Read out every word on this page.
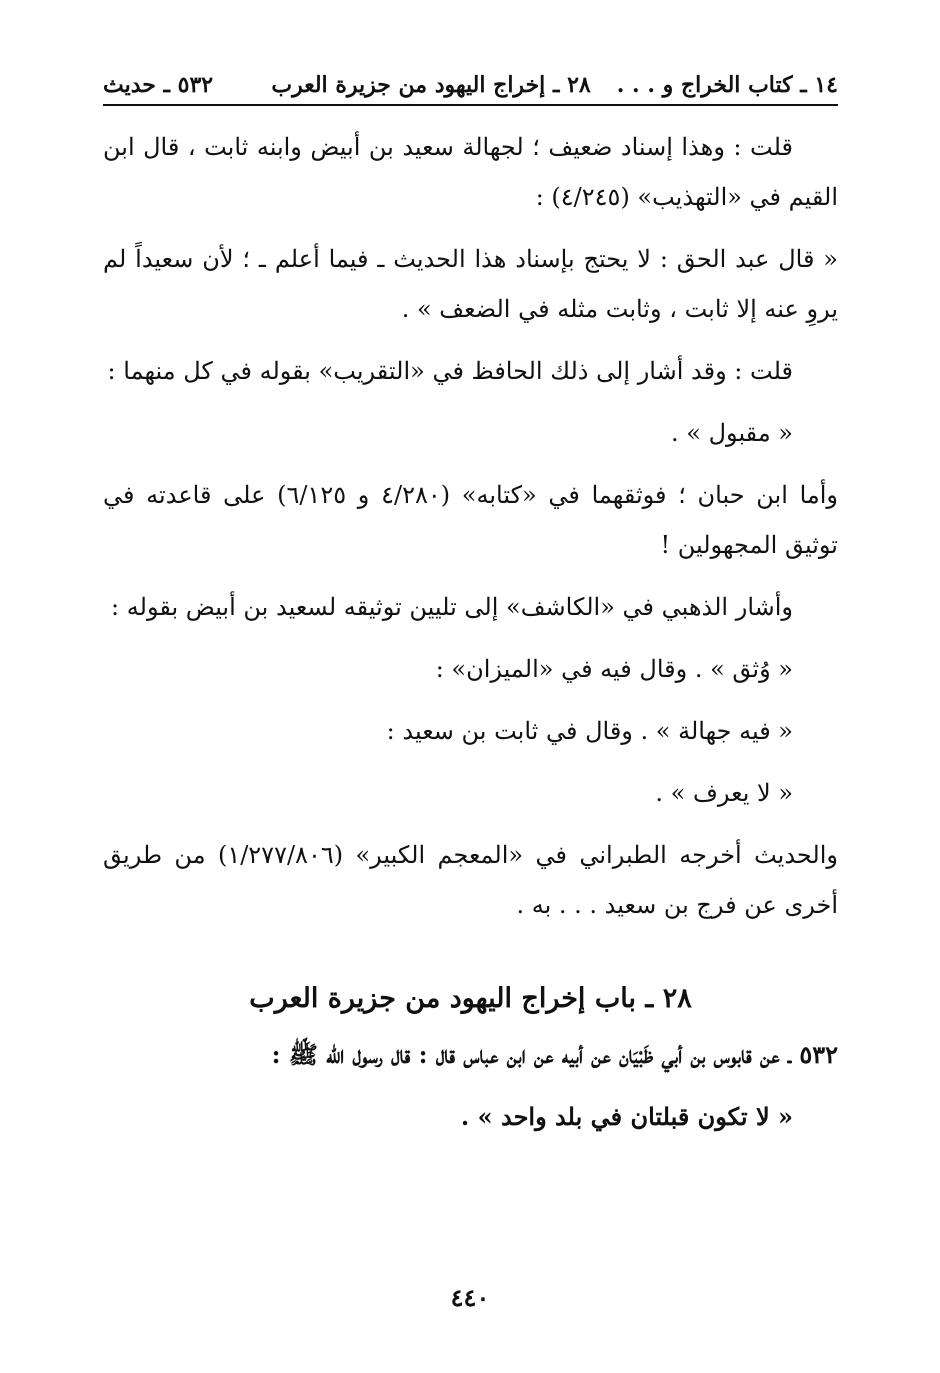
١٤ ـ كتاب الخراج و . . .
٢٨ ـ إخراج اليهود من جزيرة العرب
٥٣٢ ـ حديث

قلت : وهذا إسناد ضعيف ؛ لجهالة سعيد بن أبيض وابنه ثابت ، قال ابن القيم في «التهذيب» (٤/٢٤٥) :

« قال عبد الحق : لا يحتج بإسناد هذا الحديث ـ فيما أعلم ـ ؛ لأن سعيداً لم يروِ عنه إلا ثابت ، وثابت مثله في الضعف » .

قلت : وقد أشار إلى ذلك الحافظ في «التقريب» بقوله في كل منهما :

« مقبول » .

وأما ابن حبان ؛ فوثقهما في «كتابه» (٤/٢٨٠ و ٦/١٢٥) على قاعدته في توثيق المجهولين !

وأشار الذهبي في «الكاشف» إلى تليين توثيقه لسعيد بن أبيض بقوله :

« وُثق » . وقال فيه في «الميزان» :

« فيه جهالة » . وقال في ثابت بن سعيد :

« لا يعرف » .

والحديث أخرجه الطبراني في «المعجم الكبير» (١/٢٧٧/٨٠٦) من طريق أخرى عن فرج بن سعيد . . . به .

٢٨ ـ باب إخراج اليهود من جزيرة العرب

٥٣٢ ـ عن قابوس بن أبي ظَبْيَان عن أبيه عن ابن عباس قال : قال رسول الله ﷺ :

« لا تكون قبلتان في بلد واحد » .

٤٤٠
